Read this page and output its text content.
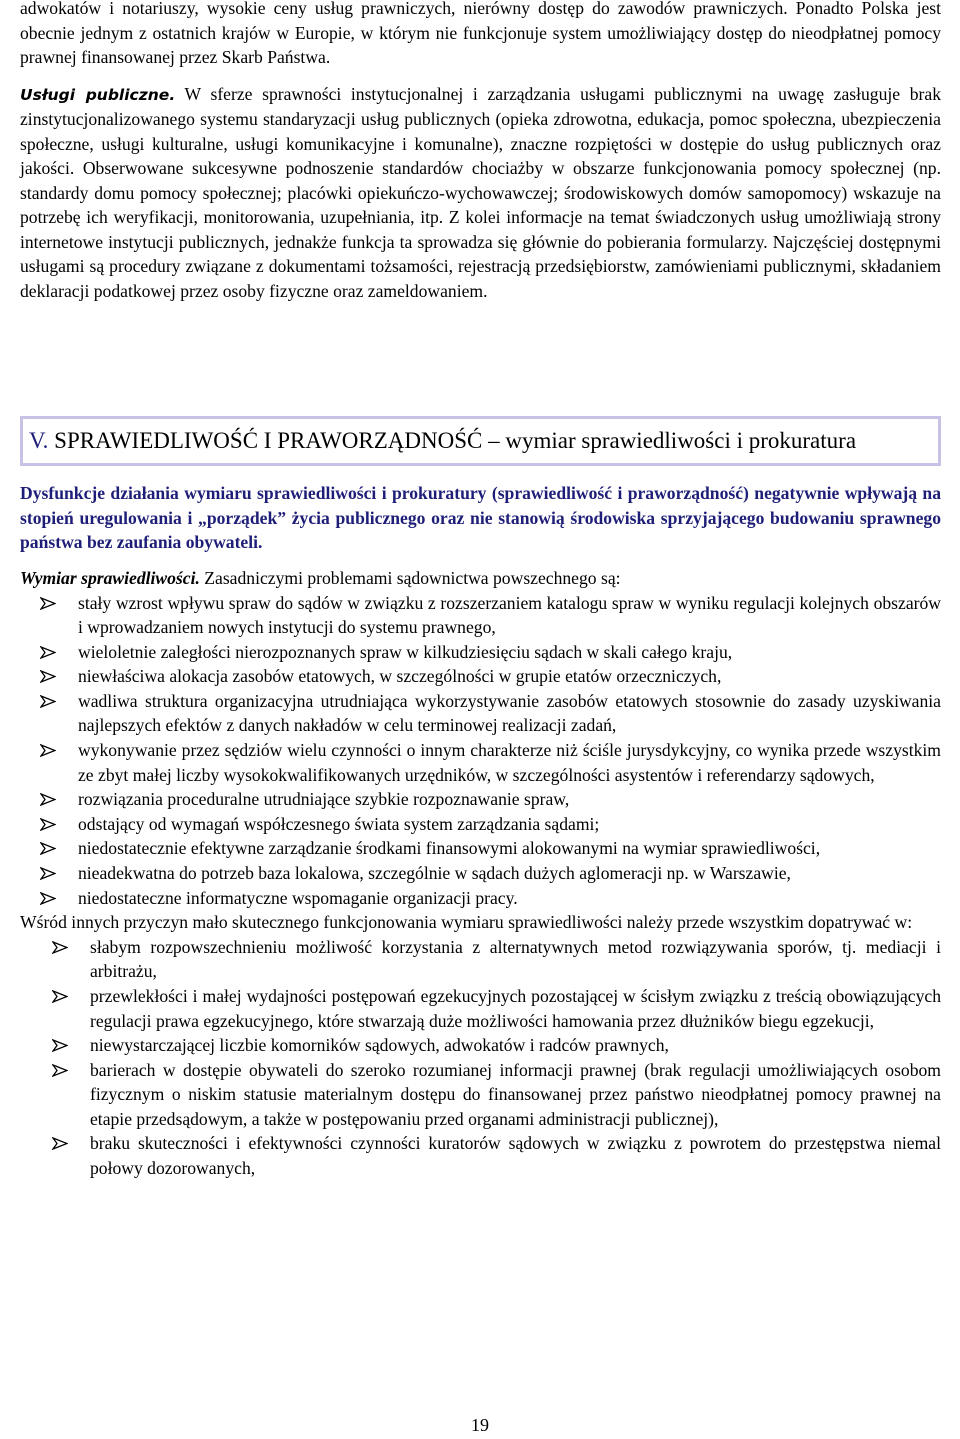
adwokatów i notariuszy, wysokie ceny usług prawniczych, nierówny dostęp do zawodów prawniczych. Ponadto Polska jest obecnie jednym z ostatnich krajów w Europie, w którym nie funkcjonuje system umożliwiający dostęp do nieodpłatnej pomocy prawnej finansowanej przez Skarb Państwa.

Usługi publiczne. W sferze sprawności instytucjonalnej i zarządzania usługami publicznymi na uwagę zasługuje brak zinstytucjonalizowanego systemu standaryzacji usług publicznych (opieka zdrowotna, edukacja, pomoc społeczna, ubezpieczenia społeczne, usługi kulturalne, usługi komunikacyjne i komunalne), znaczne rozpiętości w dostępie do usług publicznych oraz jakości. Obserwowane sukcesywne podnoszenie standardów chociażby w obszarze funkcjonowania pomocy społecznej (np. standardy domu pomocy społecznej; placówki opiekuńczo-wychowawczej; środowiskowych domów samopomocy) wskazuje na potrzebę ich weryfikacji, monitorowania, uzupełniania, itp. Z kolei informacje na temat świadczonych usług umożliwiają strony internetowe instytucji publicznych, jednakże funkcja ta sprowadza się głównie do pobierania formularzy. Najczęściej dostępnymi usługami są procedury związane z dokumentami tożsamości, rejestracją przedsiębiorstw, zamówieniami publicznymi, składaniem deklaracji podatkowej przez osoby fizyczne oraz zameldowaniem.

V. SPRAWIEDLIWOŚĆ I PRAWORZĄDNOŚĆ – wymiar sprawiedliwości i prokuratura
Dysfunkcje działania wymiaru sprawiedliwości i prokuratury (sprawiedliwość i praworządność) negatywnie wpływają na stopień uregulowania i „porządek” życia publicznego oraz nie stanowią środowiska sprzyjającego budowaniu sprawnego państwa bez zaufania obywateli.

Wymiar sprawiedliwości. Zasadniczymi problemami sądownictwa powszechnego są:

stały wzrost wpływu spraw do sądów w związku z rozszerzaniem katalogu spraw w wyniku regulacji kolejnych obszarów i wprowadzaniem nowych instytucji do systemu prawnego,
wieloletnie zaległości nierozpoznanych spraw w kilkudziesięciu sądach w skali całego kraju,
niewłaściwa alokacja zasobów etatowych, w szczególności w grupie etatów orzeczniczych,
wadliwa struktura organizacyjna utrudniająca wykorzystywanie zasobów etatowych stosownie do zasady uzyskiwania najlepszych efektów z danych nakładów w celu terminowej realizacji zadań,
wykonywanie przez sędziów wielu czynności o innym charakterze niż ściśle jurysdykcyjny, co wynika przede wszystkim ze zbyt małej liczby wysokokwalifikowanych urzędników, w szczególności asystentów i referendarzy sądowych,
rozwiązania proceduralne utrudniające szybkie rozpoznawanie spraw,
odstający od wymagań współczesnego świata system zarządzania sądami;
niedostatecznie efektywne zarządzanie środkami finansowymi alokowanymi na wymiar sprawiedliwości,
nieadekwatna do potrzeb baza lokalowa, szczególnie w sądach dużych aglomeracji np. w Warszawie,
niedostateczne informatyczne wspomaganie organizacji pracy.

Wśród innych przyczyn mało skutecznego funkcjonowania wymiaru sprawiedliwości należy przede wszystkim dopatrywać w:

słabym rozpowszechnieniu możliwość korzystania z alternatywnych metod rozwiązywania sporów, tj. mediacji i arbitrażu,
przewlekłości i małej wydajności postępowań egzekucyjnych pozostającej w ścisłym związku z treścią obowiązujących regulacji prawa egzekucyjnego, które stwarzają duże możliwości hamowania przez dłużników biegu egzekucji,
niewystarczającej liczbie komorników sądowych, adwokatów i radców prawnych,
barierach w dostępie obywateli do szeroko rozumianej informacji prawnej (brak regulacji umożliwiających osobom fizycznym o niskim statusie materialnym dostępu do finansowanej przez państwo nieodpłatnej pomocy prawnej na etapie przedsądowym, a także w postępowaniu przed organami administracji publicznej),
braku skuteczności i efektywności czynności kuratorów sądowych w związku z powrotem do przestępstwa niemal połowy dozorowanych,
19
